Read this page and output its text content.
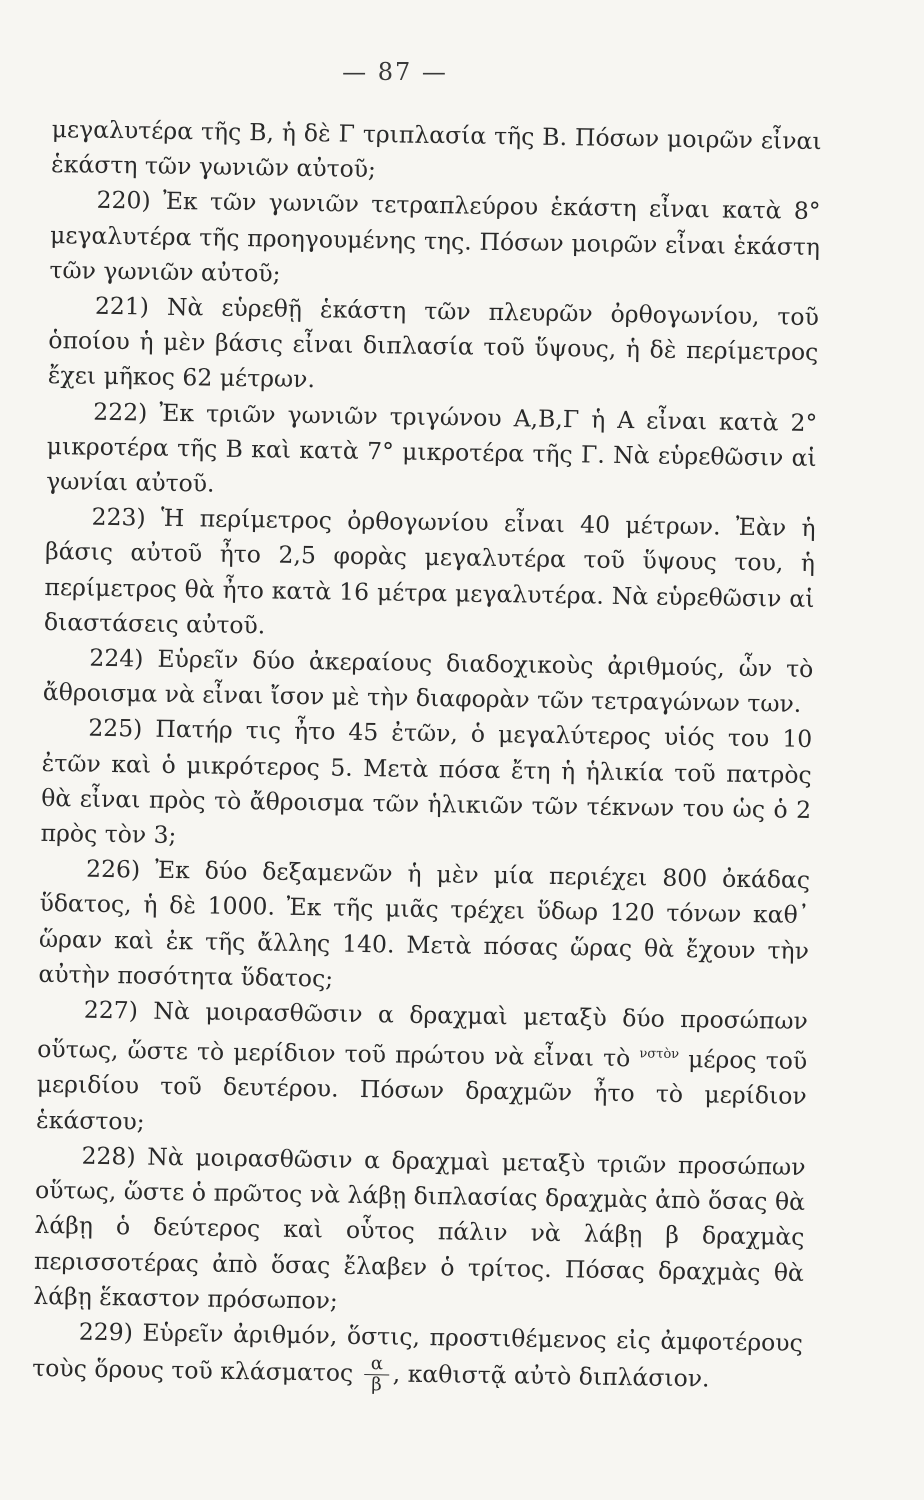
— 87 —

μεγαλυτέρα τῆς Β, ἡ δὲ Γ τριπλασία τῆς Β. Πόσων μοιρῶν εἶναι ἑκάστη τῶν γωνιῶν αὐτοῦ;

220) Ἐκ τῶν γωνιῶν τετραπλεύρου ἑκάστη εἶναι κατὰ 8° μεγαλυτέρα τῆς προηγουμένης της. Πόσων μοιρῶν εἶναι ἑκάστη τῶν γωνιῶν αὐτοῦ;

221) Νὰ εὑρεθῇ ἑκάστη τῶν πλευρῶν ὀρθογωνίου, τοῦ ὁποίου ἡ μὲν βάσις εἶναι διπλασία τοῦ ὕψους, ἡ δὲ περίμετρος ἔχει μῆκος 62 μέτρων.

222) Ἐκ τριῶν γωνιῶν τριγώνου Α,Β,Γ ἡ Α εἶναι κατὰ 2° μικροτέρα τῆς Β καὶ κατὰ 7° μικροτέρα τῆς Γ. Νὰ εὑρεθῶσιν αἱ γωνίαι αὐτοῦ.

223) Ἡ περίμετρος ὀρθογωνίου εἶναι 40 μέτρων. Ἐὰν ἡ βάσις αὐτοῦ ἦτο 2,5 φορὰς μεγαλυτέρα τοῦ ὕψους του, ἡ περίμετρος θὰ ἦτο κατὰ 16 μέτρα μεγαλυτέρα. Νὰ εὑρεθῶσιν αἱ διαστάσεις αὐτοῦ.

224) Εὑρεῖν δύο ἀκεραίους διαδοχικοὺς ἀριθμούς, ὧν τὸ ἄθροισμα νὰ εἶναι ἴσον μὲ τὴν διαφορὰν τῶν τετραγώνων των.

225) Πατήρ τις ἦτο 45 ἐτῶν, ὁ μεγαλύτερος υἱός του 10 ἐτῶν καὶ ὁ μικρότερος 5. Μετὰ πόσα ἔτη ἡ ἡλικία τοῦ πατρὸς θὰ εἶναι πρὸς τὸ ἄθροισμα τῶν ἡλικιῶν τῶν τέκνων του ὡς ὁ 2 πρὸς τὸν 3;

226) Ἐκ δύο δεξαμενῶν ἡ μὲν μία περιέχει 800 ὀκάδας ὕδατος, ἡ δὲ 1000. Ἐκ τῆς μιᾶς τρέχει ὕδωρ 120 τόνων καθ᾽ ὥραν καὶ ἐκ τῆς ἄλλης 140. Μετὰ πόσας ὥρας θὰ ἔχουν τὴν αὐτὴν ποσότητα ὕδατος;

227) Νὰ μοιρασθῶσιν α δραχμαὶ μεταξὺ δύο προσώπων οὕτως, ὥστε τὸ μερίδιον τοῦ πρώτου νὰ εἶναι τὸ $^{\nu\sigma\tau ὸ\nu}$ μέρος τοῦ μεριδίου τοῦ δευτέρου. Πόσων δραχμῶν ἦτο τὸ μερίδιον ἑκάστου;

228) Νὰ μοιρασθῶσιν α δραχμαὶ μεταξὺ τριῶν προσώπων οὕτως, ὥστε ὁ πρῶτος νὰ λάβῃ διπλασίας δραχμὰς ἀπὸ ὅσας θὰ λάβῃ ὁ δεύτερος καὶ οὗτος πάλιν νὰ λάβῃ β δραχμὰς περισσοτέρας ἀπὸ ὅσας ἔλαβεν ὁ τρίτος. Πόσας δραχμὰς θὰ λάβῃ ἕκαστον πρόσωπον;

229) Εὑρεῖν ἀριθμόν, ὅστις, προστιθέμενος εἰς ἀμφοτέρους τοὺς ὅρους τοῦ κλάσματος $\frac{\alpha}{\beta}$ , καθιστᾷ αὐτὸ διπλάσιον.
